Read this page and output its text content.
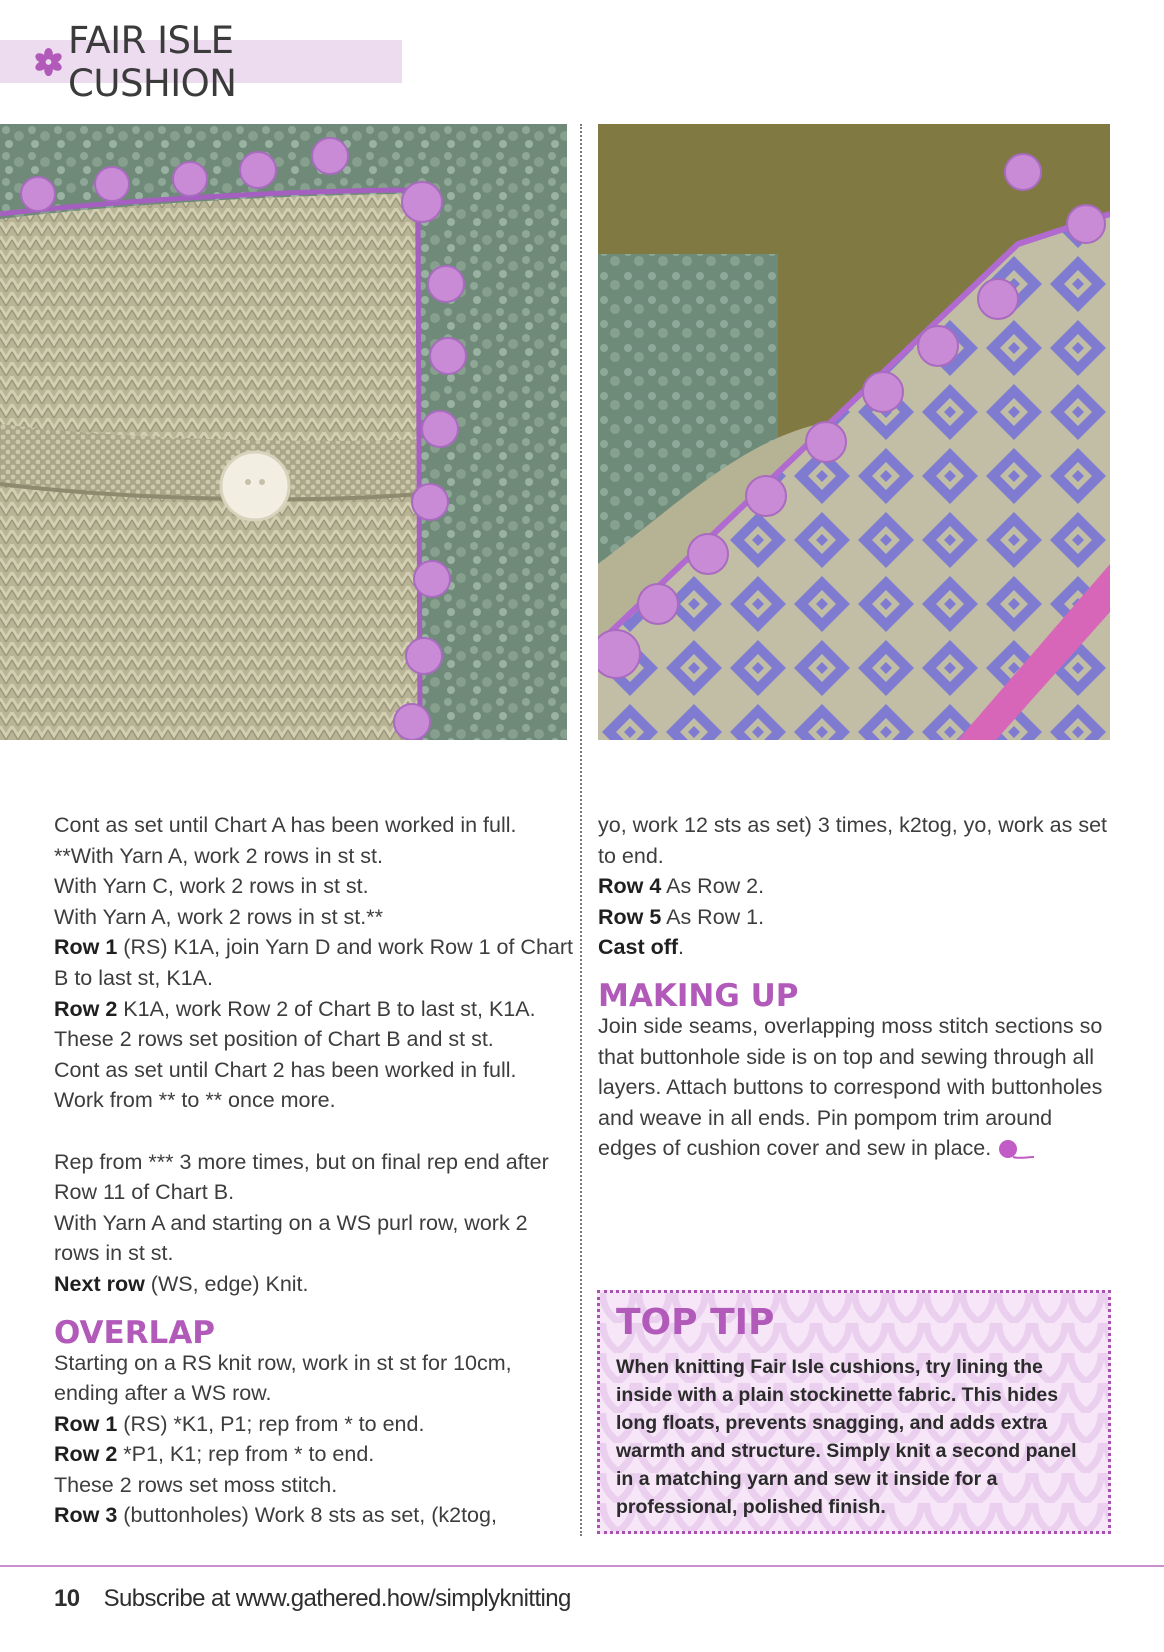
FAIR ISLE CUSHION

Cont as set until Chart A has been worked in full.

**With Yarn A, work 2 rows in st st.

With Yarn C, work 2 rows in st st.

With Yarn A, work 2 rows in st st.**

Row 1 (RS) K1A, join Yarn D and work Row 1 of Chart B to last st, K1A.

Row 2 K1A, work Row 2 of Chart B to last st, K1A.

These 2 rows set position of Chart B and st st.

Cont as set until Chart 2 has been worked in full.

Work from ** to ** once more.

Rep from *** 3 more times, but on final rep end after Row 11 of Chart B.

With Yarn A and starting on a WS purl row, work 2 rows in st st.

Next row (WS, edge) Knit.

OVERLAP

Starting on a RS knit row, work in st st for 10cm, ending after a WS row.

Row 1 (RS) *K1, P1; rep from * to end.

Row 2 *P1, K1; rep from * to end.

These 2 rows set moss stitch.

Row 3 (buttonholes) Work 8 sts as set, (k2tog,

yo, work 12 sts as set) 3 times, k2tog, yo, work as set to end.

Row 4 As Row 2.

Row 5 As Row 1.

Cast off.

MAKING UP

Join side seams, overlapping moss stitch sections so that buttonhole side is on top and sewing through all layers. Attach buttons to correspond with buttonholes and weave in all ends. Pin pompom trim around edges of cushion cover and sew in place.

TOP TIP
When knitting Fair Isle cushions, try lining the inside with a plain stockinette fabric. This hides long floats, prevents snagging, and adds extra warmth and structure. Simply knit a second panel in a matching yarn and sew it inside for a professional, polished finish.
10 Subscribe at www.gathered.how/simplyknitting
